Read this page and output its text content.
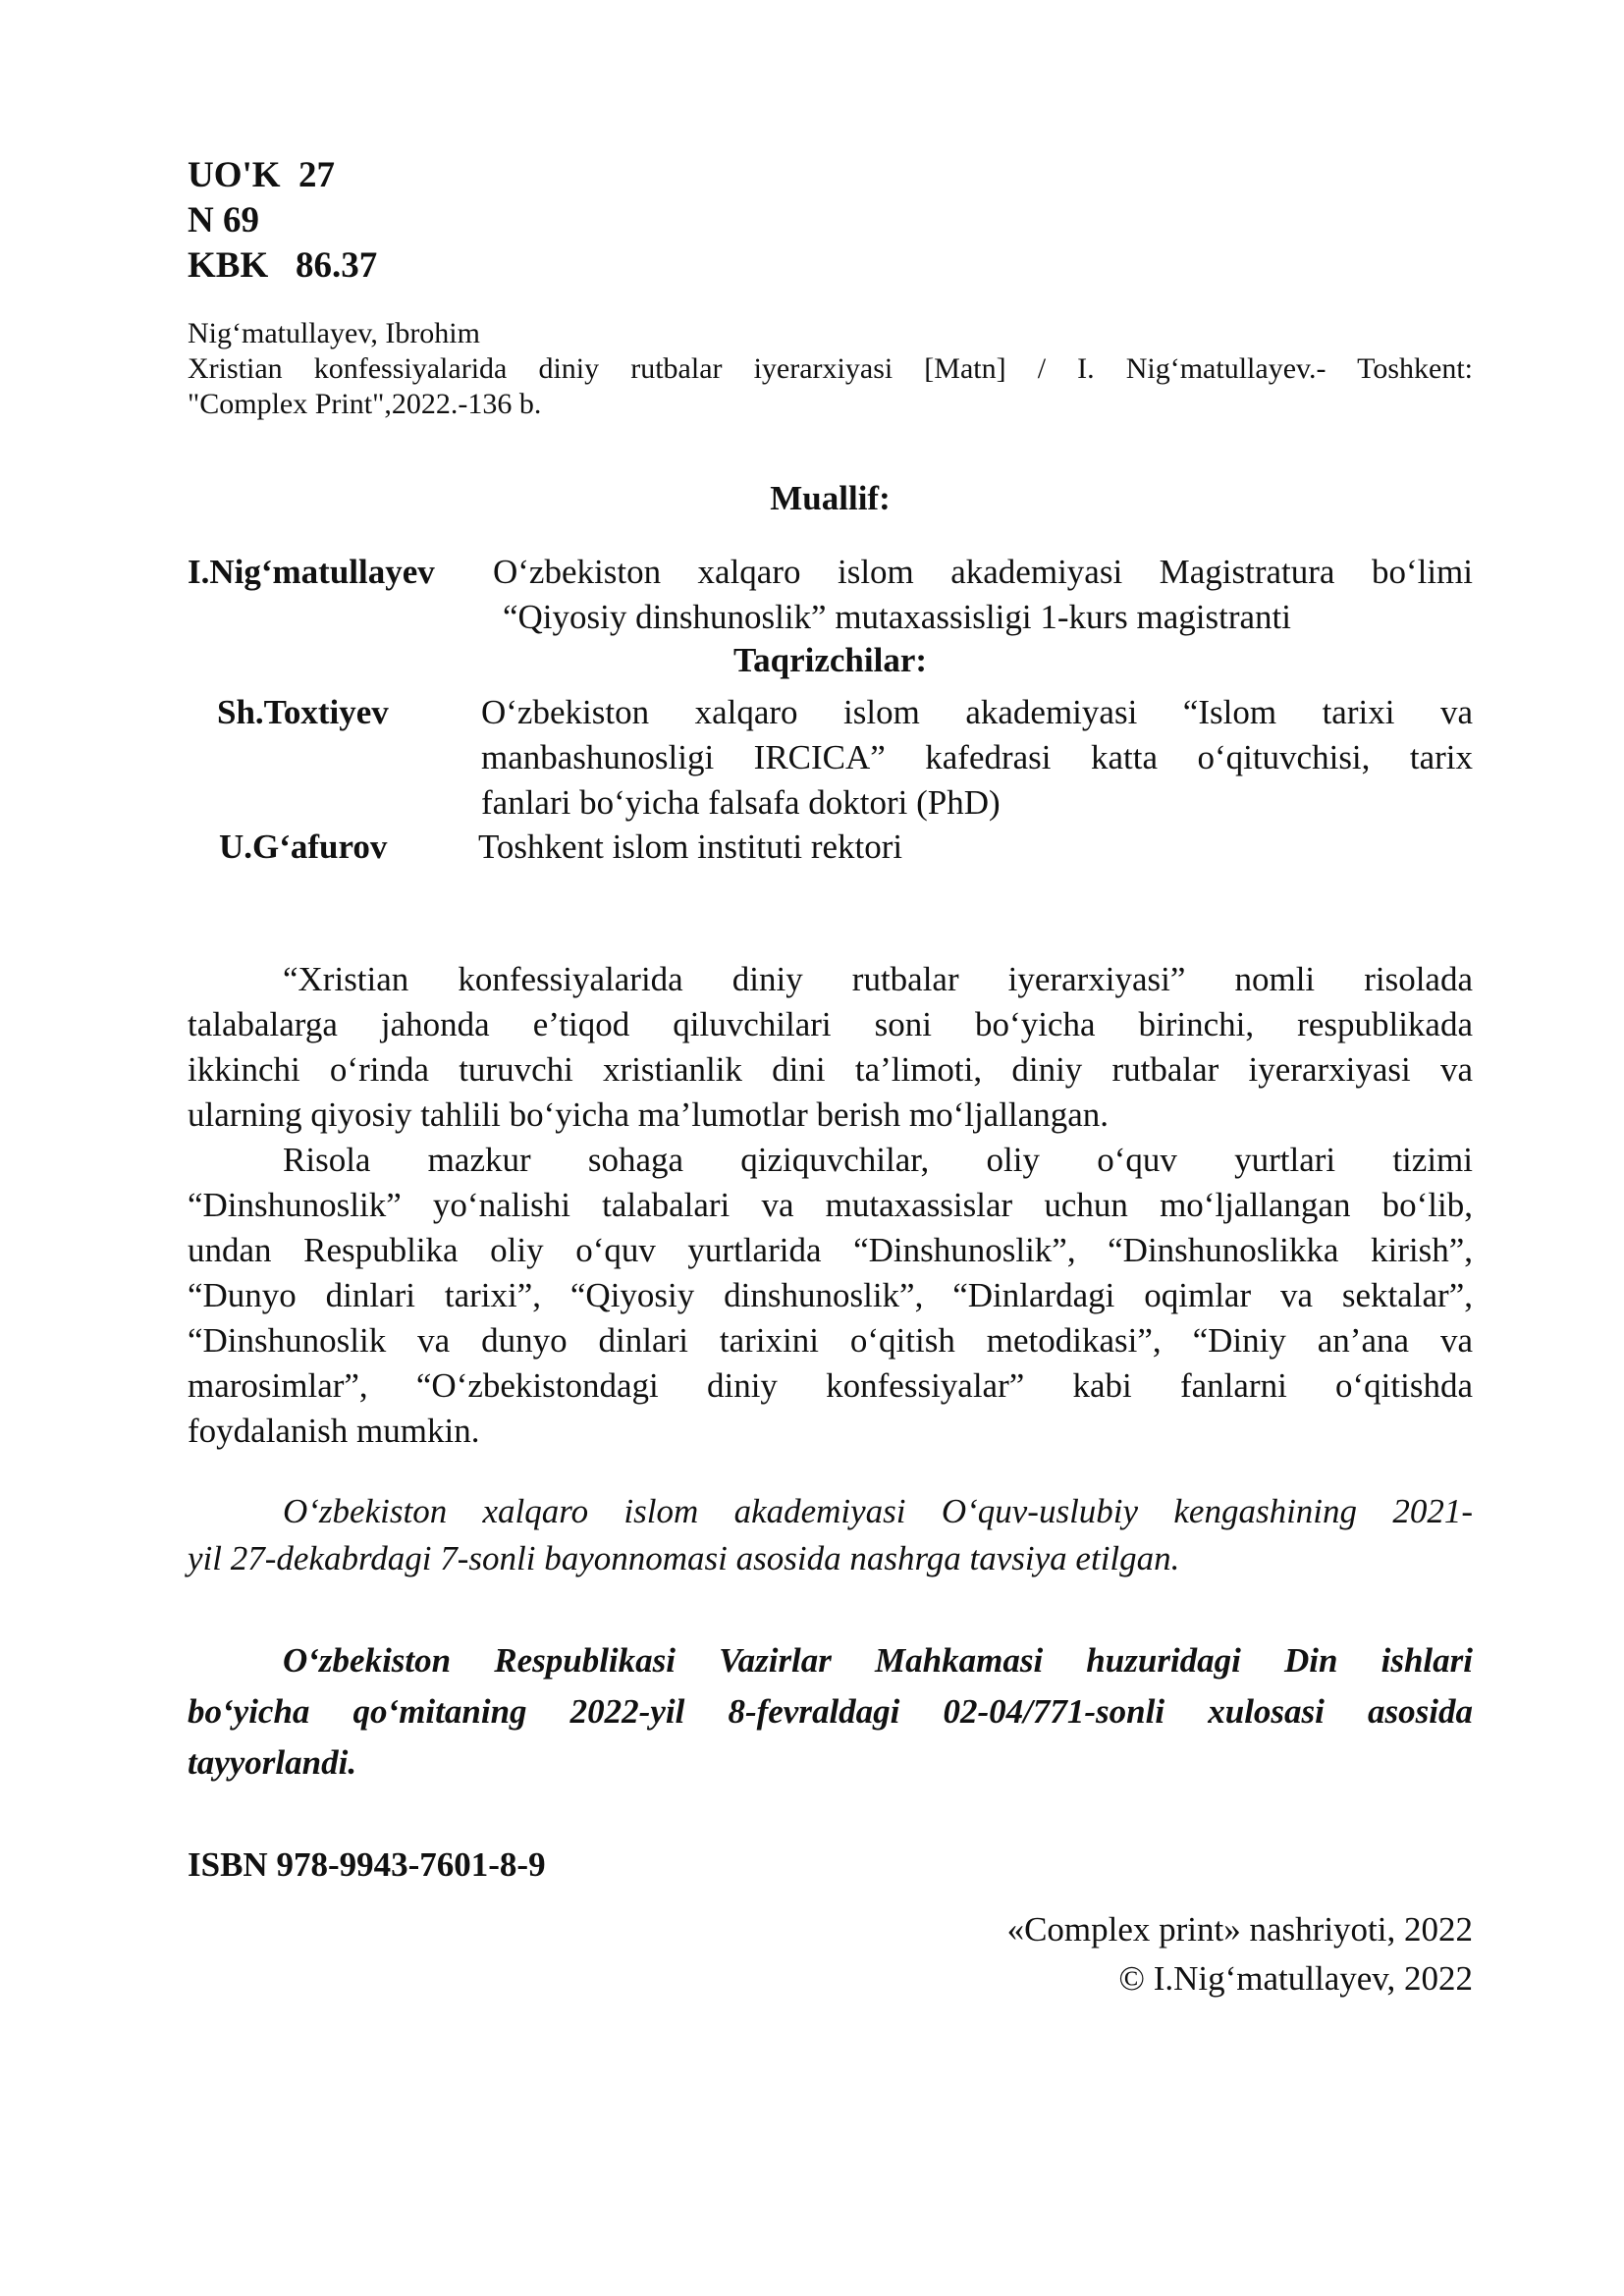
UO'K  27
N 69
KBK   86.37
Nigʻmatullayev, Ibrohim
Xristian konfessiyalarida diniy rutbalar iyerarxiyasi [Matn] / I. Nigʻmatullayev.- Toshkent:
"Complex Print",2022.-136 b.
Muallif:
I.Nigʻmatullayev Oʻzbekiston xalqaro islom akademiyasi Magistratura boʻlimi
“Qiyosiy dinshunoslik” mutaxassisligi 1-kurs magistranti
Taqrizchilar:
Sh.Toxtiyev	Oʻzbekiston xalqaro islom akademiyasi “Islom tarixi va
manbashunosligi IRCICA” kafedrasi katta oʻqituvchisi, tarix
fanlari boʻyicha falsafa doktori (PhD)
U.Gʻafurov	Toshkent islom instituti rektori
“Xristian konfessiyalarida diniy rutbalar iyerarxiyasi” nomli risolada
talabalarga jahonda e’tiqod qiluvchilari soni boʻyicha birinchi, respublikada
ikkinchi oʻrinda turuvchi xristianlik dini ta’limoti, diniy rutbalar iyerarxiyasi va
ularning qiyosiy tahlili boʻyicha ma’lumotlar berish moʻljallangan.
Risola mazkur sohaga qiziquvchilar, oliy oʻquv yurtlari tizimi
“Dinshunoslik” yoʻnalishi talabalari va mutaxassislar uchun moʻljallangan boʻlib,
undan Respublika oliy oʻquv yurtlarida “Dinshunoslik”, “Dinshunoslikka kirish”,
“Dunyo dinlari tarixi”, “Qiyosiy dinshunoslik”, “Dinlardagi oqimlar va sektalar”,
“Dinshunoslik va dunyo dinlari tarixini oʻqitish metodikasi”, “Diniy an’ana va
marosimlar”, “Oʻzbekistondagi diniy konfessiyalar” kabi fanlarni oʻqitishda
foydalanish mumkin.
Oʻzbekiston xalqaro islom akademiyasi Oʻquv-uslubiy kengashining 2021-
yil 27-dekabrdagi 7-sonli bayonnomasi asosida nashrga tavsiya etilgan.
Oʻzbekiston Respublikasi Vazirlar Mahkamasi huzuridagi Din ishlari
boʻyicha qoʻmitaning 2022-yil 8-fevraldagi 02-04/771-sonli xulosasi asosida
tayyorlandi.
ISBN 978-9943-7601-8-9
«Complex print» nashriyoti, 2022
© I.Nigʻmatullayev, 2022
